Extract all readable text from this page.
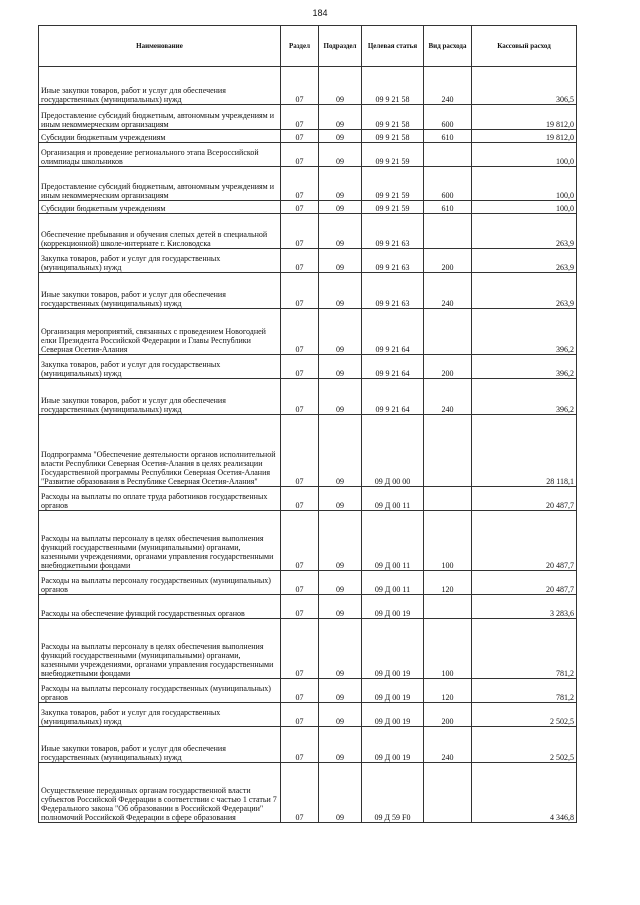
184
Наименование	Раздел	Подраздел	Целевая статья	Вид расхода	Кассовый расход
Иные закупки товаров, работ и услуг для обеспечения государственных (муниципальных) нужд	07	09	09 9 21 58	240	306,5
Предоставление субсидий бюджетным, автономным учреждениям и иным некоммерческим организациям	07	09	09 9 21 58	600	19 812,0
Субсидии бюджетным учреждениям	07	09	09 9 21 58	610	19 812,0
Организация и проведение регионального этапа Всероссийской олимпиады школьников	07	09	09 9 21 59		100,0
Предоставление субсидий бюджетным, автономным учреждениям и иным некоммерческим организациям	07	09	09 9 21 59	600	100,0
Субсидии бюджетным учреждениям	07	09	09 9 21 59	610	100,0
Обеспечение пребывания и обучения слепых детей в специальной (коррекционной) школе-интернате г. Кисловодска	07	09	09 9 21 63		263,9
Закупка товаров, работ и услуг для государственных (муниципальных) нужд	07	09	09 9 21 63	200	263,9
Иные закупки товаров, работ и услуг для обеспечения государственных (муниципальных) нужд	07	09	09 9 21 63	240	263,9
Организация мероприятий, связанных с проведением Новогодней елки Президента Российской Федерации и Главы Республики Северная Осетия-Алания	07	09	09 9 21 64		396,2
Закупка товаров, работ и услуг для государственных (муниципальных) нужд	07	09	09 9 21 64	200	396,2
Иные закупки товаров, работ и услуг для обеспечения государственных (муниципальных) нужд	07	09	09 9 21 64	240	396,2
Подпрограмма "Обеспечение деятельности органов исполнительной власти Республики Северная Осетия-Алания в целях реализации Государственной программы Республики Северная Осетия-Алания "Развитие образования в Республике Северная Осетия-Алания"	07	09	09 Д 00 00		28 118,1
Расходы на выплаты по оплате труда работников государственных органов	07	09	09 Д 00 11		20 487,7
Расходы на выплаты персоналу в целях обеспечения выполнения функций государственными (муниципальными) органами, казенными учреждениями, органами управления государственными внебюджетными фондами	07	09	09 Д 00 11	100	20 487,7
Расходы на выплаты персоналу государственных (муниципальных) органов	07	09	09 Д 00 11	120	20 487,7
Расходы на обеспечение функций государственных органов	07	09	09 Д 00 19		3 283,6
Расходы на выплаты персоналу в целях обеспечения выполнения функций государственными (муниципальными) органами, казенными учреждениями, органами управления государственными внебюджетными фондами	07	09	09 Д 00 19	100	781,2
Расходы на выплаты персоналу государственных (муниципальных) органов	07	09	09 Д 00 19	120	781,2
Закупка товаров, работ и услуг для государственных (муниципальных) нужд	07	09	09 Д 00 19	200	2 502,5
Иные закупки товаров, работ и услуг для обеспечения государственных (муниципальных) нужд	07	09	09 Д 00 19	240	2 502,5
Осуществление переданных органам государственной власти субъектов Российской Федерации в соответствии с частью 1 статьи 7 Федерального закона "Об образовании в Российской Федерации" полномочий Российской Федерации в сфере образования	07	09	09 Д 59 F0		4 346,8
